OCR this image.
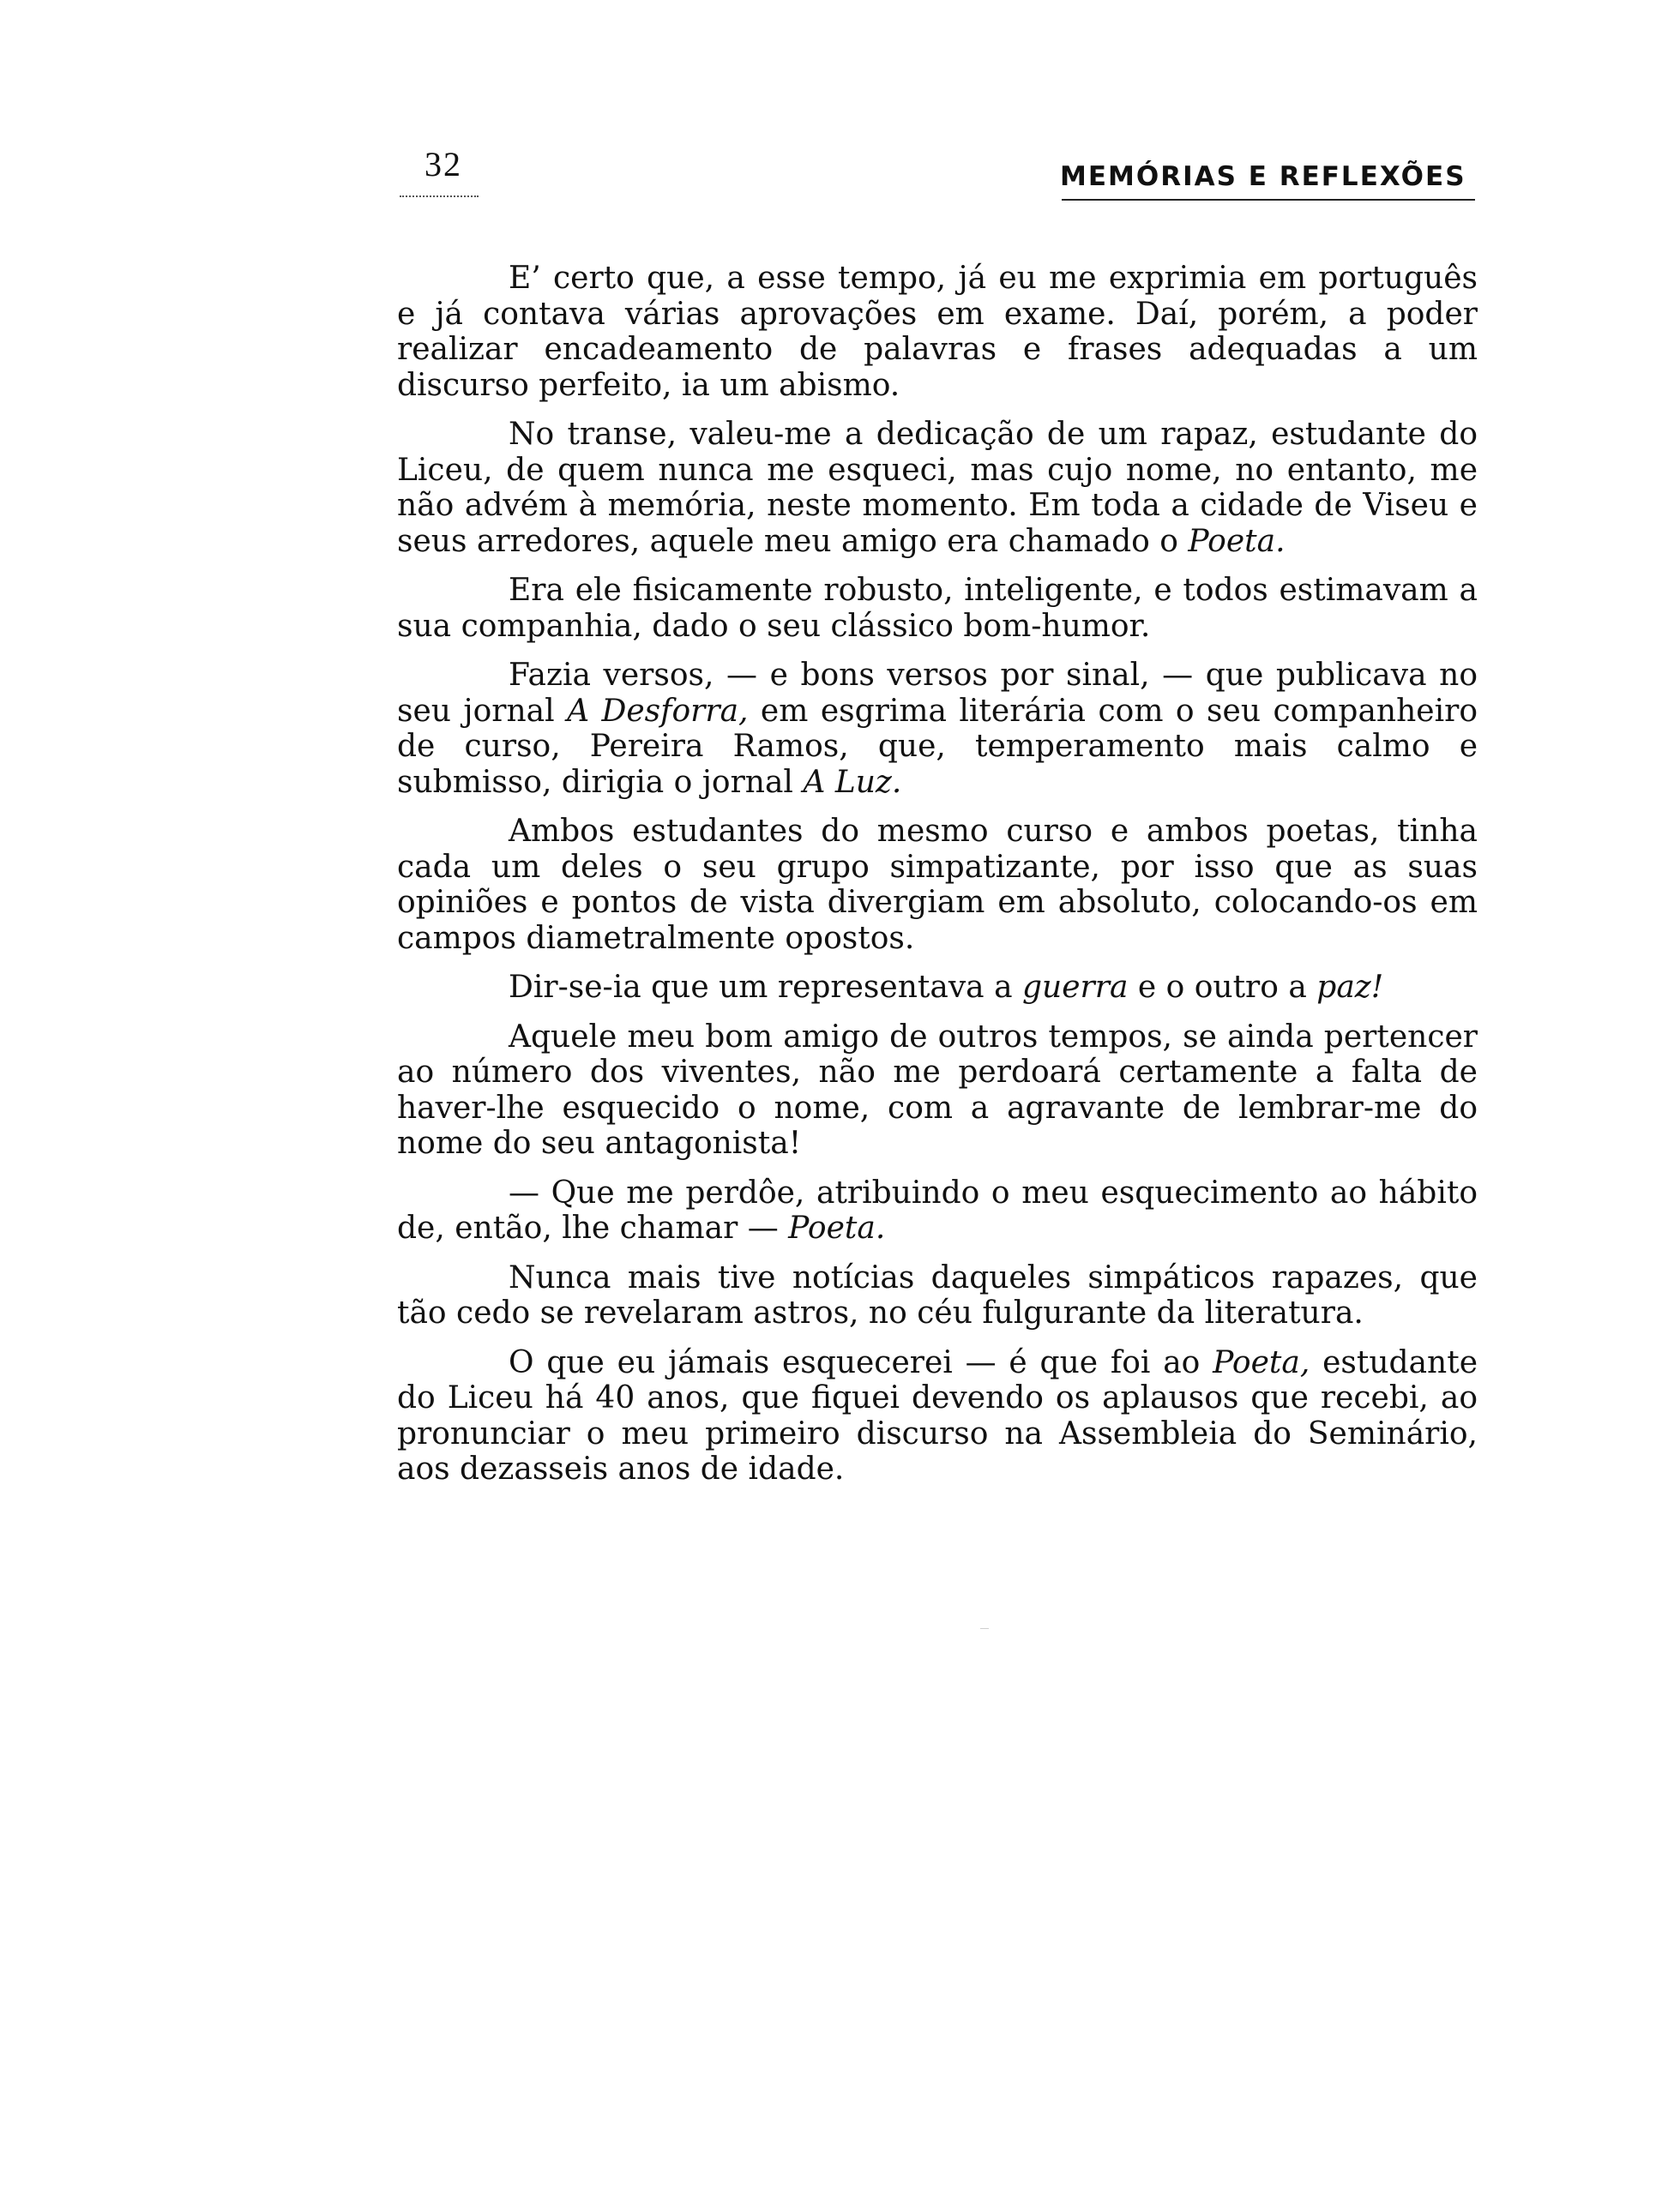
32	MEMÓRIAS E REFLEXÕES

E’ certo que, a esse tempo, já eu me exprimia em português e já contava várias aprovações em exame. Daí, porém, a poder realizar encadeamento de palavras e frases adequadas a um discurso perfeito, ia um abismo.

No transe, valeu-me a dedicação de um rapaz, estudante do Liceu, de quem nunca me esqueci, mas cujo nome, no entanto, me não advém à memória, neste momento. Em toda a cidade de Viseu e seus arredores, aquele meu amigo era chamado o Poeta.

Era ele fisicamente robusto, inteligente, e todos estimavam a sua companhia, dado o seu clássico bom-humor.

Fazia versos, — e bons versos por sinal, — que publicava no seu jornal A Desforra, em esgrima literária com o seu companheiro de curso, Pereira Ramos, que, temperamento mais calmo e submisso, dirigia o jornal A Luz.

Ambos estudantes do mesmo curso e ambos poetas, tinha cada um deles o seu grupo simpatizante, por isso que as suas opiniões e pontos de vista divergiam em absoluto, colocando-os em campos diametralmente opostos.

Dir-se-ia que um representava a guerra e o outro a paz!

Aquele meu bom amigo de outros tempos, se ainda pertencer ao número dos viventes, não me perdoará certamente a falta de haver-lhe esquecido o nome, com a agravante de lembrar-me do nome do seu antagonista!

— Que me perdôe, atribuindo o meu esquecimento ao hábito de, então, lhe chamar — Poeta.

Nunca mais tive notícias daqueles simpáticos rapazes, que tão cedo se revelaram astros, no céu fulgurante da literatura.

O que eu jámais esquecerei — é que foi ao Poeta, estudante do Liceu há 40 anos, que fiquei devendo os aplausos que recebi, ao pronunciar o meu primeiro discurso na Assembleia do Seminário, aos dezasseis anos de idade.
